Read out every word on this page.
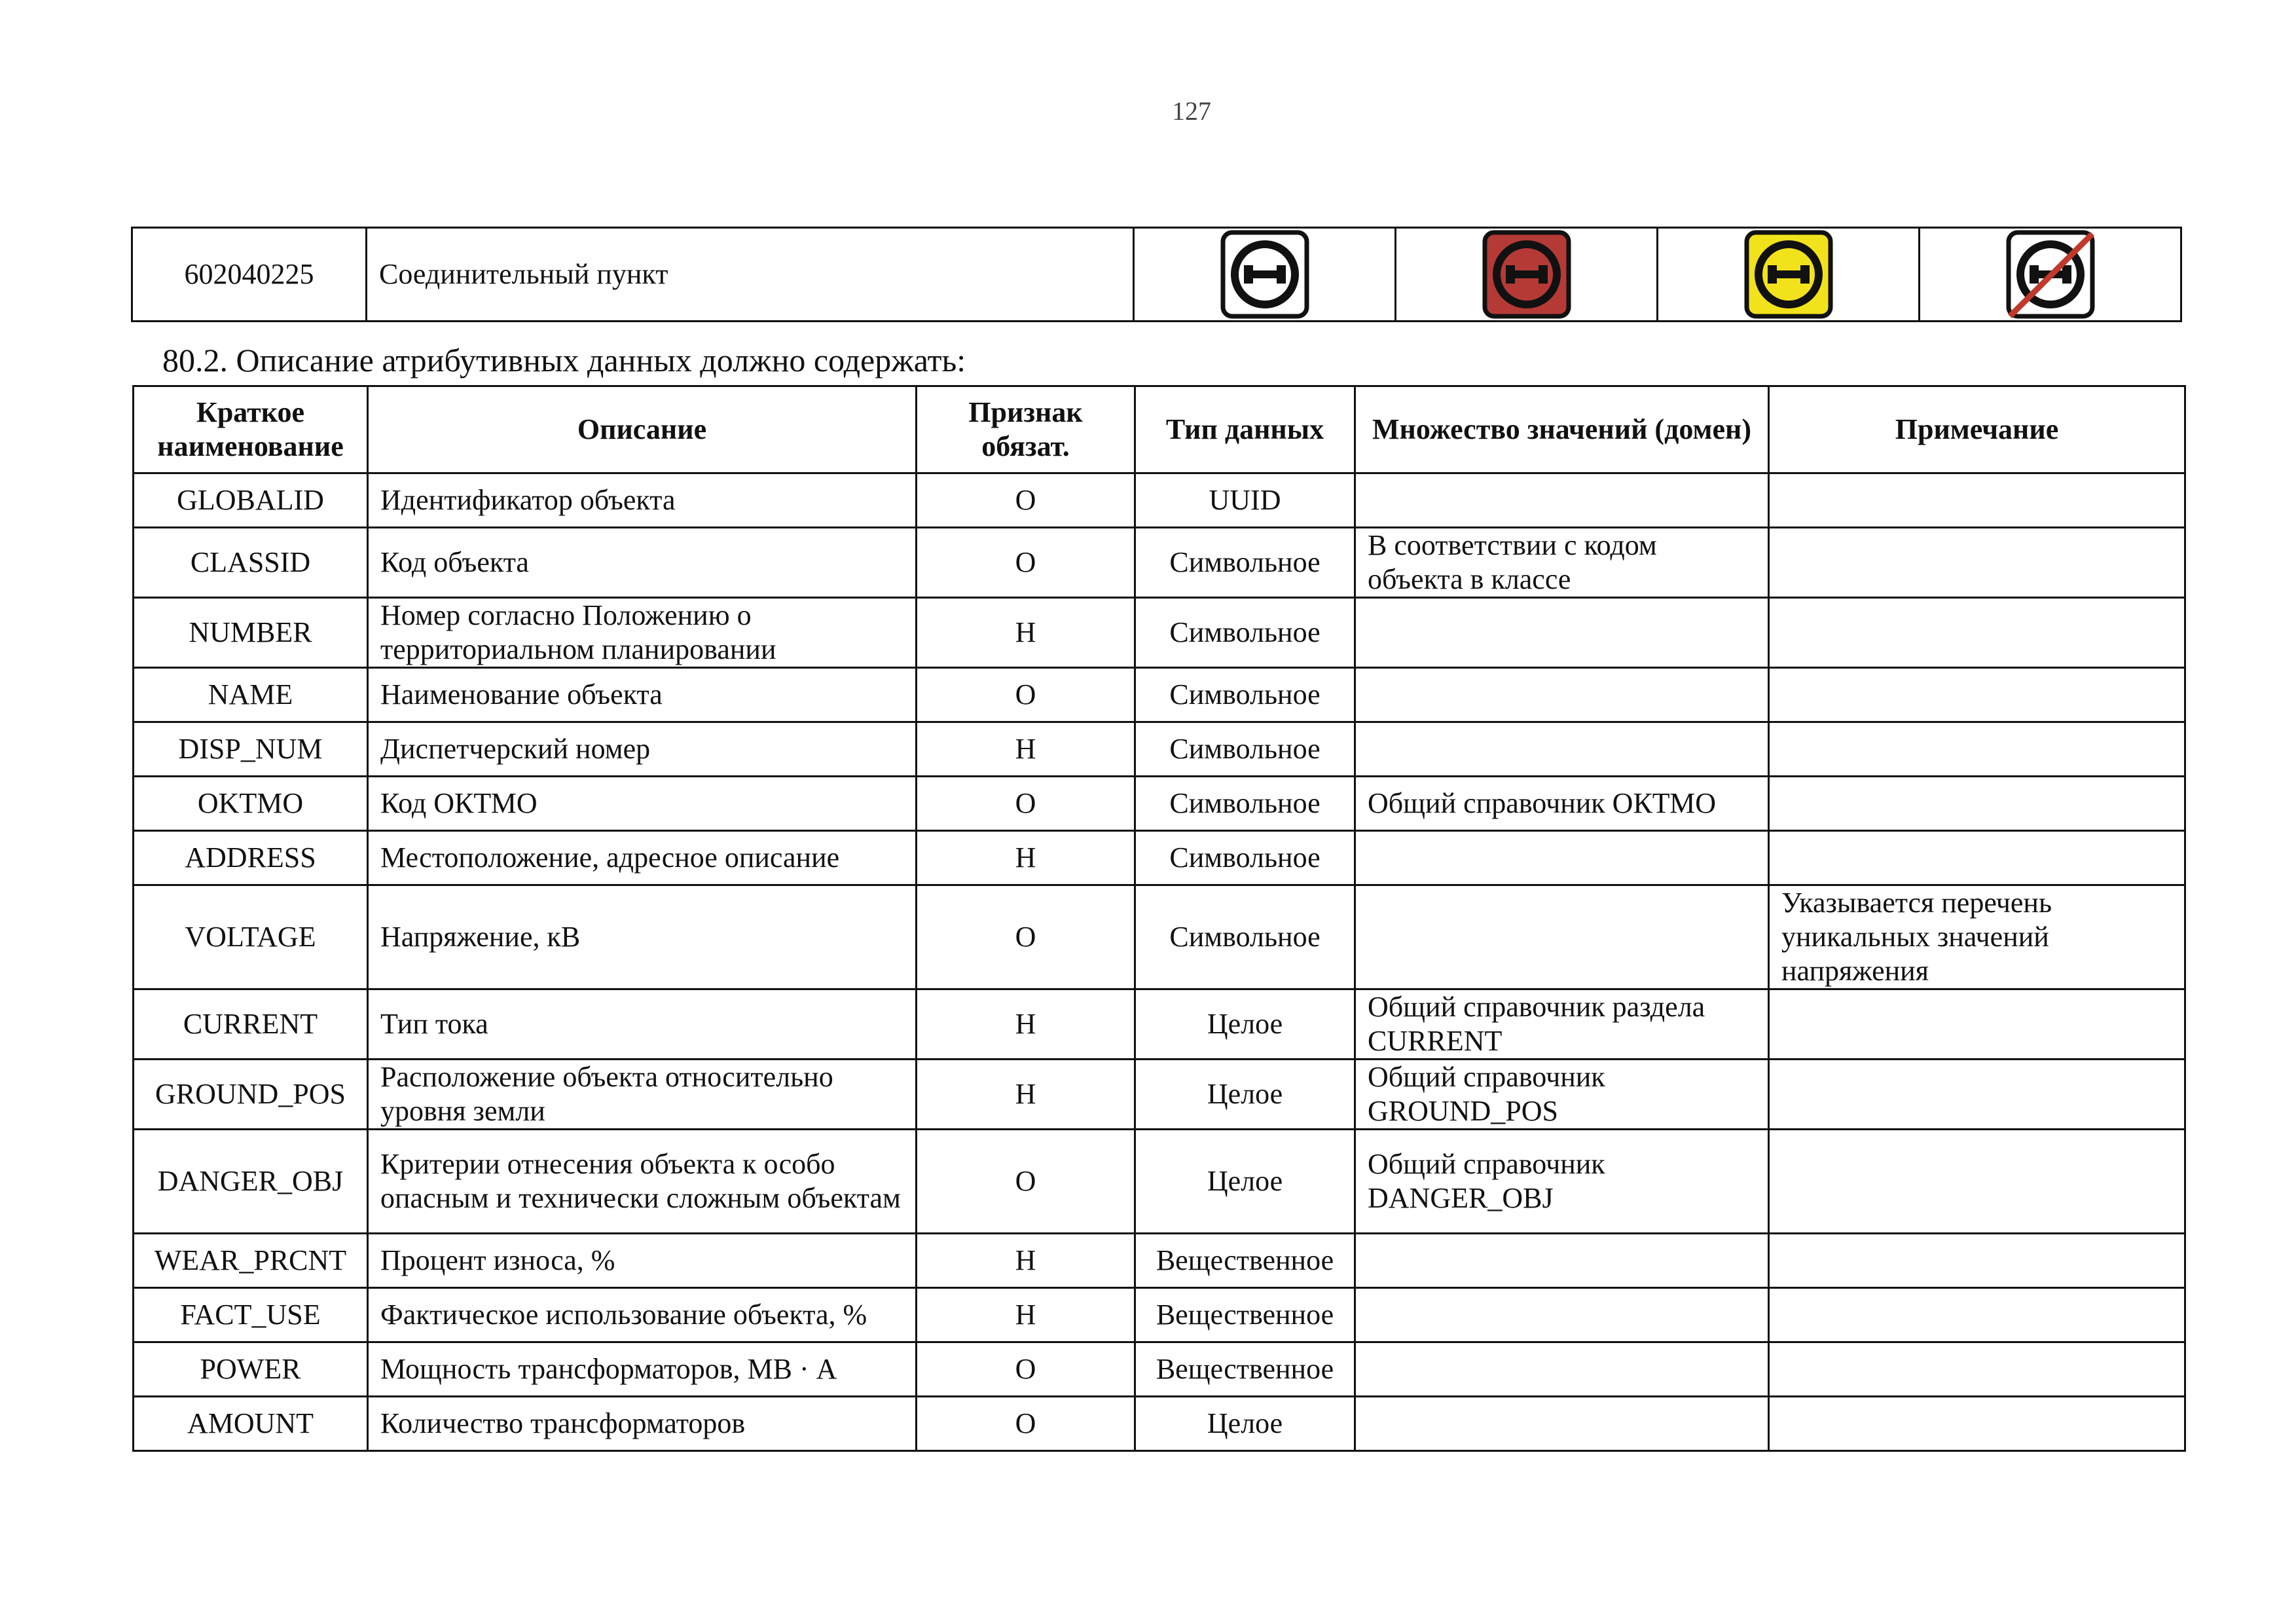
127
602040225	Соединительный пункт				
80.2. Описание атрибутивных данных должно содержать:
Краткое наименование	Описание	Признак обязат.	Тип данных	Множество значений (домен)	Примечание
GLOBALID	Идентификатор объекта	О	UUID		
CLASSID	Код объекта	О	Символьное	В соответствии с кодом объекта в классе	
NUMBER	Номер согласно Положению о территориальном планировании	Н	Символьное		
NAME	Наименование объекта	О	Символьное		
DISP_NUM	Диспетчерский номер	Н	Символьное		
OKTMO	Код ОКТМО	О	Символьное	Общий справочник ОКТМО	
ADDRESS	Местоположение, адресное описание	Н	Символьное		
VOLTAGE	Напряжение, кВ	О	Символьное		Указывается перечень уникальных значений напряжения
CURRENT	Тип тока	Н	Целое	Общий справочник раздела CURRENT	
GROUND_POS	Расположение объекта относительно уровня земли	Н	Целое	Общий справочник GROUND_POS	
DANGER_OBJ	Критерии отнесения объекта к особо опасным и технически сложным объектам	О	Целое	Общий справочник DANGER_OBJ	
WEAR_PRCNT	Процент износа, %	Н	Вещественное		
FACT_USE	Фактическое использование объекта, %	Н	Вещественное		
POWER	Мощность трансформаторов, МВ · А	О	Вещественное		
AMOUNT	Количество трансформаторов	О	Целое		
